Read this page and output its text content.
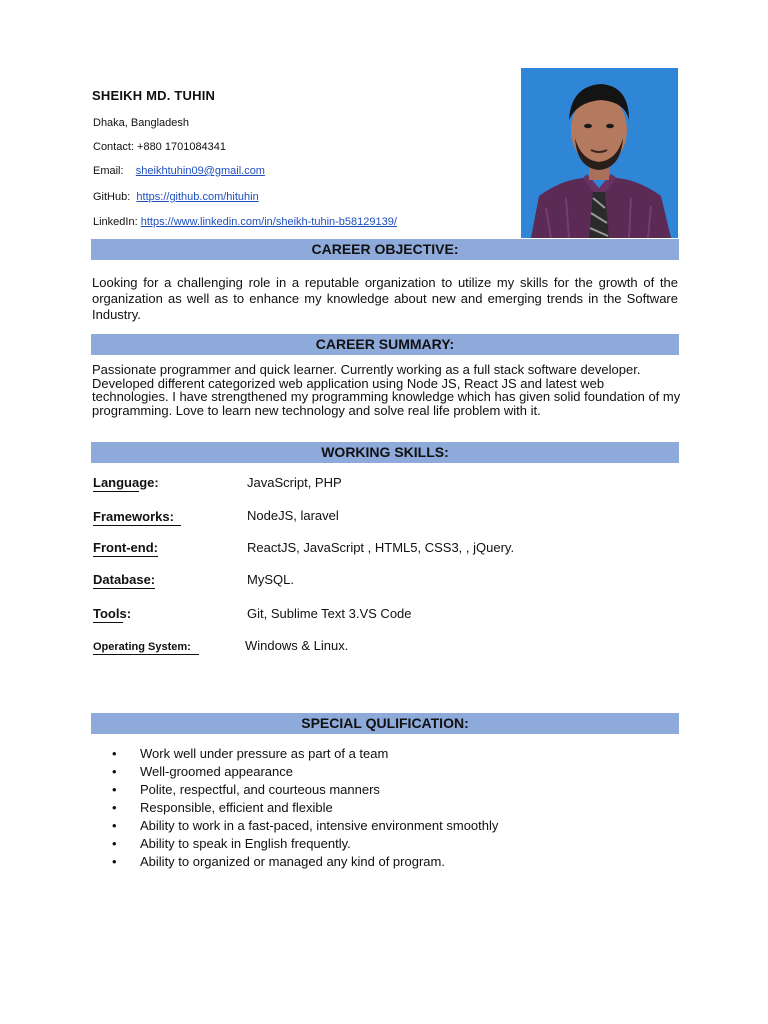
SHEIKH MD. TUHIN
Dhaka, Bangladesh
Contact: +880 1701084341
Email: sheikhtuhin09@gmail.com
GitHub: https://github.com/hituhin
LinkedIn: https://www.linkedin.com/in/sheikh-tuhin-b58129139/
CAREER OBJECTIVE:
Looking for a challenging role in a reputable organization to utilize my skills for the growth of the organization as well as to enhance my knowledge about new and emerging trends in the Software Industry.
CAREER SUMMARY:
Passionate programmer and quick learner. Currently working as a full stack software developer. Developed different categorized web application using Node JS, React JS and latest web technologies. I have strengthened my programming knowledge which has given solid foundation of my programming. Love to learn new technology and solve real life problem with it.
WORKING SKILLS:
Language:	JavaScript, PHP
Frameworks:	NodeJS, laravel
Front-end:	ReactJS, JavaScript , HTML5, CSS3, , jQuery.
Database:	MySQL.
Tools:	Git, Sublime Text 3.VS Code
Operating System:	Windows & Linux.
SPECIAL QULIFICATION:
• Work well under pressure as part of a team
• Well-groomed appearance
• Polite, respectful, and courteous manners
• Responsible, efficient and flexible
• Ability to work in a fast-paced, intensive environment smoothly
• Ability to speak in English frequently.
• Ability to organized or managed any kind of program.
